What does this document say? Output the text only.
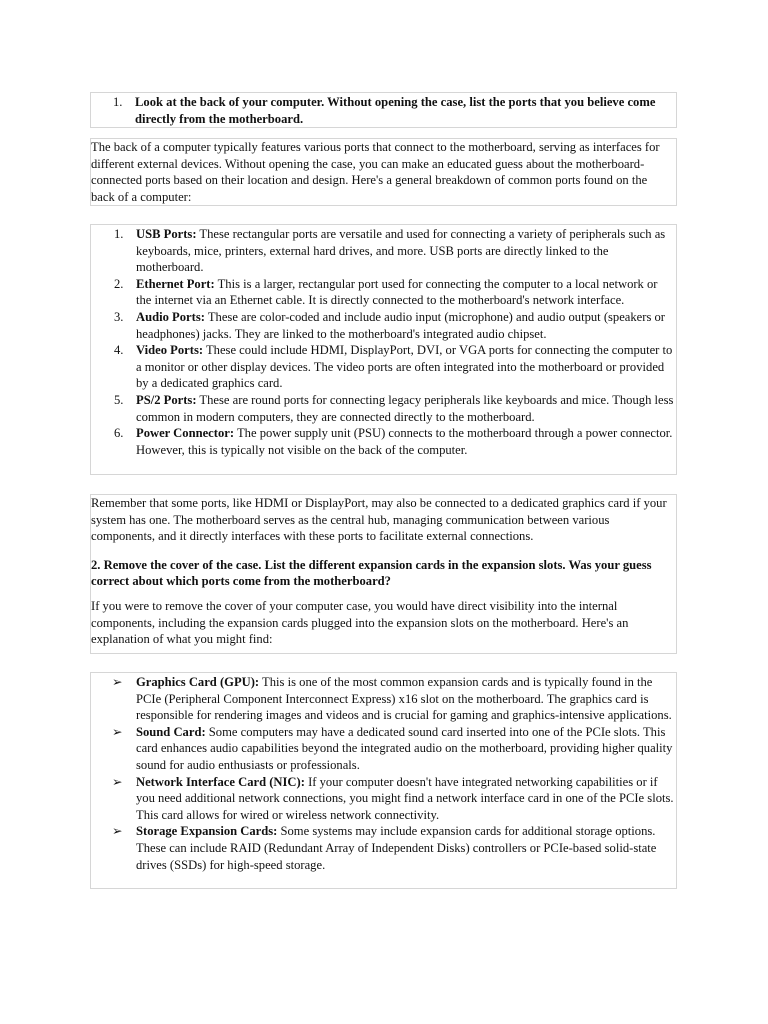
1. Look at the back of your computer. Without opening the case, list the ports that you believe come directly from the motherboard.

The back of a computer typically features various ports that connect to the motherboard, serving as interfaces for different external devices. Without opening the case, you can make an educated guess about the motherboard-connected ports based on their location and design. Here's a general breakdown of common ports found on the back of a computer:

1. USB Ports: These rectangular ports are versatile and used for connecting a variety of peripherals such as keyboards, mice, printers, external hard drives, and more. USB ports are directly linked to the motherboard.
2. Ethernet Port: This is a larger, rectangular port used for connecting the computer to a local network or the internet via an Ethernet cable. It is directly connected to the motherboard's network interface.
3. Audio Ports: These are color-coded and include audio input (microphone) and audio output (speakers or headphones) jacks. They are linked to the motherboard's integrated audio chipset.
4. Video Ports: These could include HDMI, DisplayPort, DVI, or VGA ports for connecting the computer to a monitor or other display devices. The video ports are often integrated into the motherboard or provided by a dedicated graphics card.
5. PS/2 Ports: These are round ports for connecting legacy peripherals like keyboards and mice. Though less common in modern computers, they are connected directly to the motherboard.
6. Power Connector: The power supply unit (PSU) connects to the motherboard through a power connector. However, this is typically not visible on the back of the computer.

Remember that some ports, like HDMI or DisplayPort, may also be connected to a dedicated graphics card if your system has one. The motherboard serves as the central hub, managing communication between various components, and it directly interfaces with these ports to facilitate external connections.

2. Remove the cover of the case. List the different expansion cards in the expansion slots. Was your guess correct about which ports come from the motherboard?

If you were to remove the cover of your computer case, you would have direct visibility into the internal components, including the expansion cards plugged into the expansion slots on the motherboard. Here's an explanation of what you might find:

➢ Graphics Card (GPU): This is one of the most common expansion cards and is typically found in the PCIe (Peripheral Component Interconnect Express) x16 slot on the motherboard. The graphics card is responsible for rendering images and videos and is crucial for gaming and graphics-intensive applications.
➢ Sound Card: Some computers may have a dedicated sound card inserted into one of the PCIe slots. This card enhances audio capabilities beyond the integrated audio on the motherboard, providing higher quality sound for audio enthusiasts or professionals.
➢ Network Interface Card (NIC): If your computer doesn't have integrated networking capabilities or if you need additional network connections, you might find a network interface card in one of the PCIe slots. This card allows for wired or wireless network connectivity.
➢ Storage Expansion Cards: Some systems may include expansion cards for additional storage options. These can include RAID (Redundant Array of Independent Disks) controllers or PCIe-based solid-state drives (SSDs) for high-speed storage.
